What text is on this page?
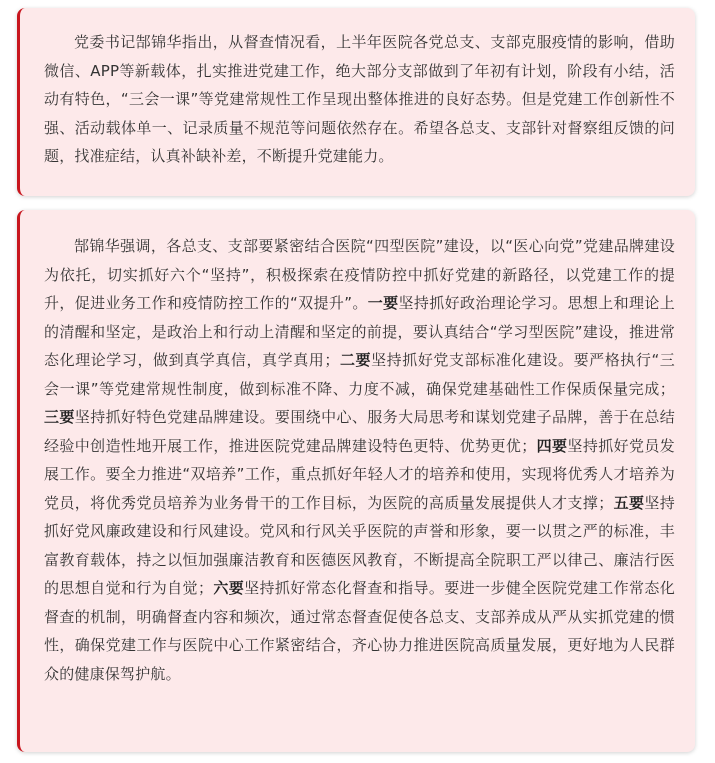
党委书记郜锦华指出，从督查情况看，上半年医院各党总支、支部克服疫情的影响，借助微信、APP等新载体，扎实推进党建工作，绝大部分支部做到了年初有计划，阶段有小结，活动有特色，“三会一课”等党建常规性工作呈现出整体推进的良好态势。但是党建工作创新性不强、活动载体单一、记录质量不规范等问题依然存在。希望各总支、支部针对督察组反馈的问题，找准症结，认真补缺补差，不断提升党建能力。

郜锦华强调，各总支、支部要紧密结合医院“四型医院”建设，以“医心向党”党建品牌建设为依托，切实抓好六个“坚持”，积极探索在疫情防控中抓好党建的新路径，以党建工作的提升，促进业务工作和疫情防控工作的“双提升”。一要坚持抓好政治理论学习。思想上和理论上的清醒和坚定，是政治上和行动上清醒和坚定的前提，要认真结合“学习型医院”建设，推进常态化理论学习，做到真学真信，真学真用；二要坚持抓好党支部标准化建设。要严格执行“三会一课”等党建常规性制度，做到标准不降、力度不减，确保党建基础性工作保质保量完成；三要坚持抓好特色党建品牌建设。要围绕中心、服务大局思考和谋划党建子品牌，善于在总结经验中创造性地开展工作，推进医院党建品牌建设特色更特、优势更优；四要坚持抓好党员发展工作。要全力推进“双培养”工作，重点抓好年轻人才的培养和使用，实现将优秀人才培养为党员，将优秀党员培养为业务骨干的工作目标，为医院的高质量发展提供人才支撑；五要坚持抓好党风廉政建设和行风建设。党风和行风关乎医院的声誉和形象，要一以贯之严的标准，丰富教育载体，持之以恒加强廉洁教育和医德医风教育，不断提高全院职工严以律己、廉洁行医的思想自觉和行为自觉；六要坚持抓好常态化督查和指导。要进一步健全医院党建工作常态化督查的机制，明确督查内容和频次，通过常态督查促使各总支、支部养成从严从实抓党建的惯性，确保党建工作与医院中心工作紧密结合，齐心协力推进医院高质量发展，更好地为人民群众的健康保驾护航。
